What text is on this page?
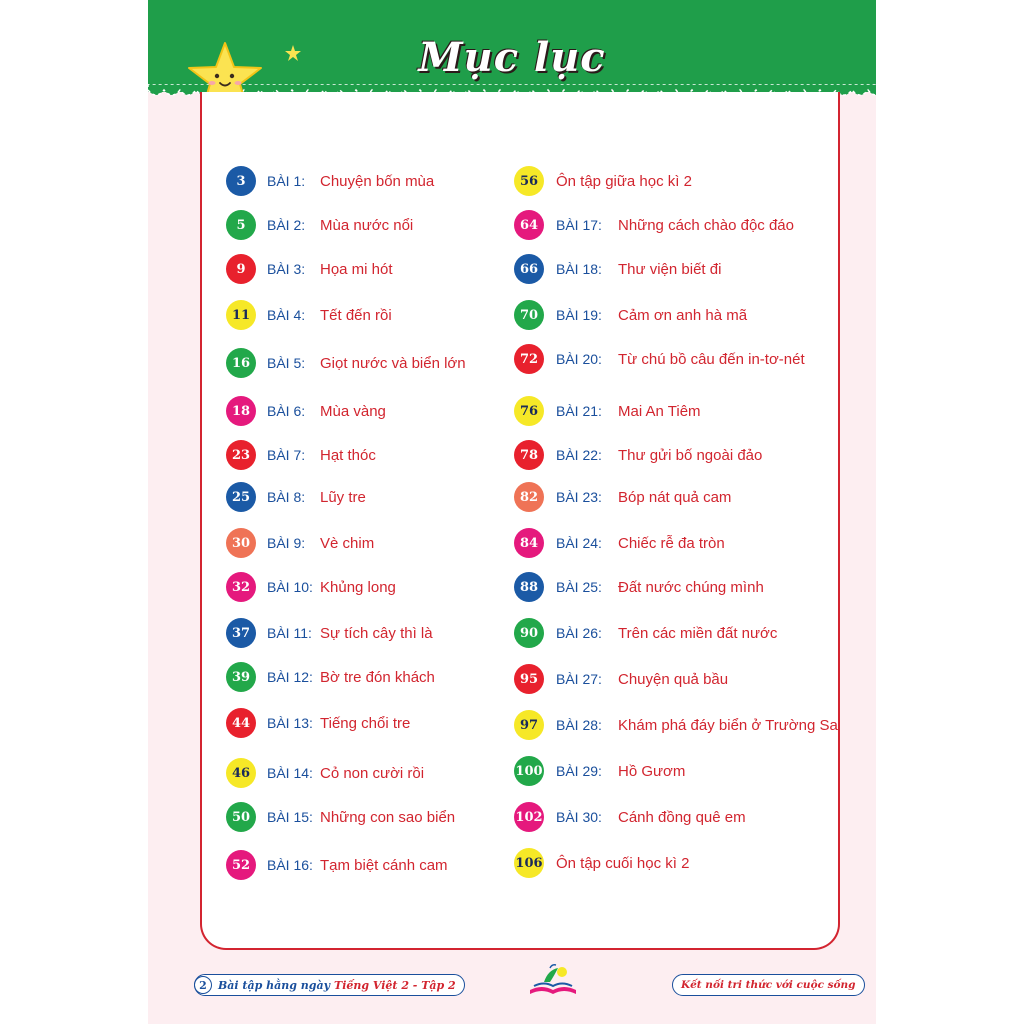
Mục lục
3	BÀI 1: Chuyện bốn mùa
5	BÀI 2: Mùa nước nổi
9	BÀI 3: Họa mi hót
11	BÀI 4: Tết đến rồi
16	BÀI 5: Giọt nước và biển lớn
18	BÀI 6: Mùa vàng
23	BÀI 7: Hạt thóc
25	BÀI 8: Lũy tre
30	BÀI 9: Vè chim
32	BÀI 10: Khủng long
37	BÀI 11: Sự tích cây thì là
39	BÀI 12: Bờ tre đón khách
44	BÀI 13: Tiếng chổi tre
46	BÀI 14: Cỏ non cười rồi
50	BÀI 15: Những con sao biển
52	BÀI 16: Tạm biệt cánh cam
56	Ôn tập giữa học kì 2
64	BÀI 17: Những cách chào độc đáo
66	BÀI 18: Thư viện biết đi
70	BÀI 19: Cảm ơn anh hà mã
72	BÀI 20: Từ chú bồ câu đến in-tơ-nét
76	BÀI 21: Mai An Tiêm
78	BÀI 22: Thư gửi bố ngoài đảo
82	BÀI 23: Bóp nát quả cam
84	BÀI 24: Chiếc rễ đa tròn
88	BÀI 25: Đất nước chúng mình
90	BÀI 26: Trên các miền đất nước
95	BÀI 27: Chuyện quả bầu
97	BÀI 28: Khám phá đáy biển ở Trường Sa
100 BÀI 29: Hồ Gươm
102 BÀI 30: Cánh đồng quê em
106 Ôn tập cuối học kì 2
2	Bài tập hằng ngày Tiếng Việt 2 - Tập 2	Kết nối tri thức với cuộc sống
